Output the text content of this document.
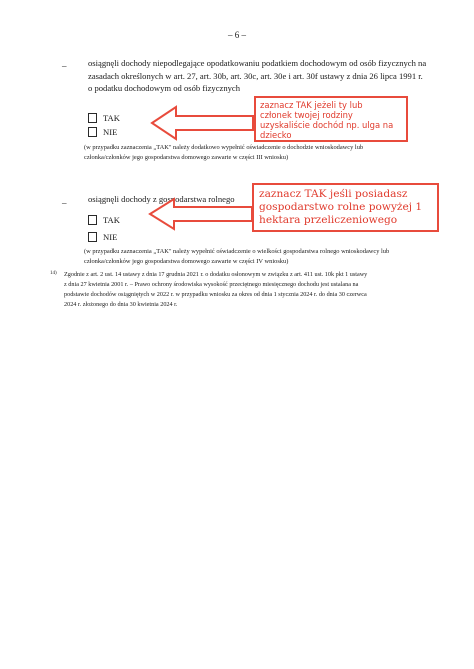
– 6 –
–	osiągnęli dochody niepodlegające opodatkowaniu podatkiem dochodowym od osób fizycznych na
zasadach określonych w art. 27, art. 30b, art. 30c, art. 30e i art. 30f ustawy z dnia 26 lipca 1991 r.
o podatku dochodowym od osób fizycznych
TAK
NIE
(w przypadku zaznaczenia „TAK" należy dodatkowo wypełnić oświadczenie o dochodzie wnioskodawcy lub
członka/członków jego gospodarstwa domowego zawarte w części III wniosku)
–	osiągnęli dochody z gospodarstwa rolnego
TAK
NIE
(w przypadku zaznaczenia „TAK" należy wypełnić oświadczenie o wielkości gospodarstwa rolnego wnioskodawcy lub
członka/członków jego gospodarstwa domowego zawarte w części IV wniosku)
zaznacz TAK jeżeli ty lub
członek twojej rodziny
uzyskaliście dochód np. ulga na
dziecko
zaznacz TAK jeśli posiadasz
gospodarstwo rolne powyżej 1
hektara przeliczeniowego
14) Zgodnie z art. 2 ust. 14 ustawy z dnia 17 grudnia 2021 r. o dodatku osłonowym w związku z art. 411 ust. 10k pkt 1 ustawy
z dnia 27 kwietnia 2001 r. – Prawo ochrony środowiska wysokość przeciętnego miesięcznego dochodu jest ustalana na
podstawie dochodów osiągniętych w 2022 r. w przypadku wniosku za okres od dnia 1 stycznia 2024 r. do dnia 30 czerwca
2024 r. złożonego do dnia 30 kwietnia 2024 r.
